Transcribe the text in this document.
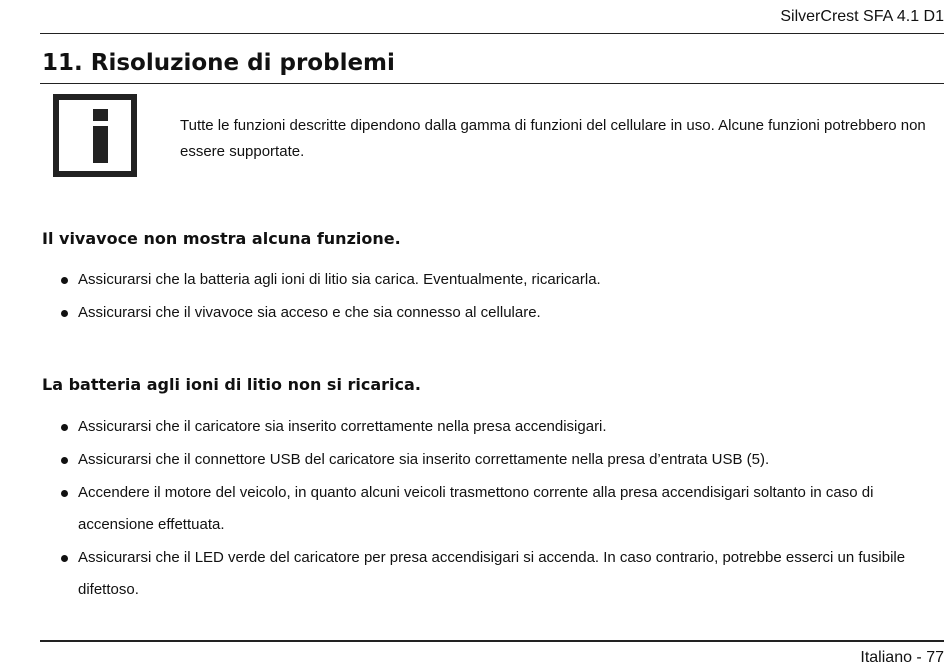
SilverCrest SFA 4.1 D1
11. Risoluzione di problemi
Tutte le funzioni descritte dipendono dalla gamma di funzioni del cellulare in uso. Alcune funzioni potrebbero non essere supportate.
Il vivavoce non mostra alcuna funzione.
Assicurarsi che la batteria agli ioni di litio sia carica. Eventualmente, ricaricarla.
Assicurarsi che il vivavoce sia acceso e che sia connesso al cellulare.
La batteria agli ioni di litio non si ricarica.
Assicurarsi che il caricatore sia inserito correttamente nella presa accendisigari.
Assicurarsi che il connettore USB del caricatore sia inserito correttamente nella presa d’entrata USB (5).
Accendere il motore del veicolo, in quanto alcuni veicoli trasmettono corrente alla presa accendisigari soltanto in caso di accensione effettuata.
Assicurarsi che il LED verde del caricatore per presa accendisigari si accenda. In caso contrario, potrebbe esserci un fusibile difettoso.
Italiano - 77
